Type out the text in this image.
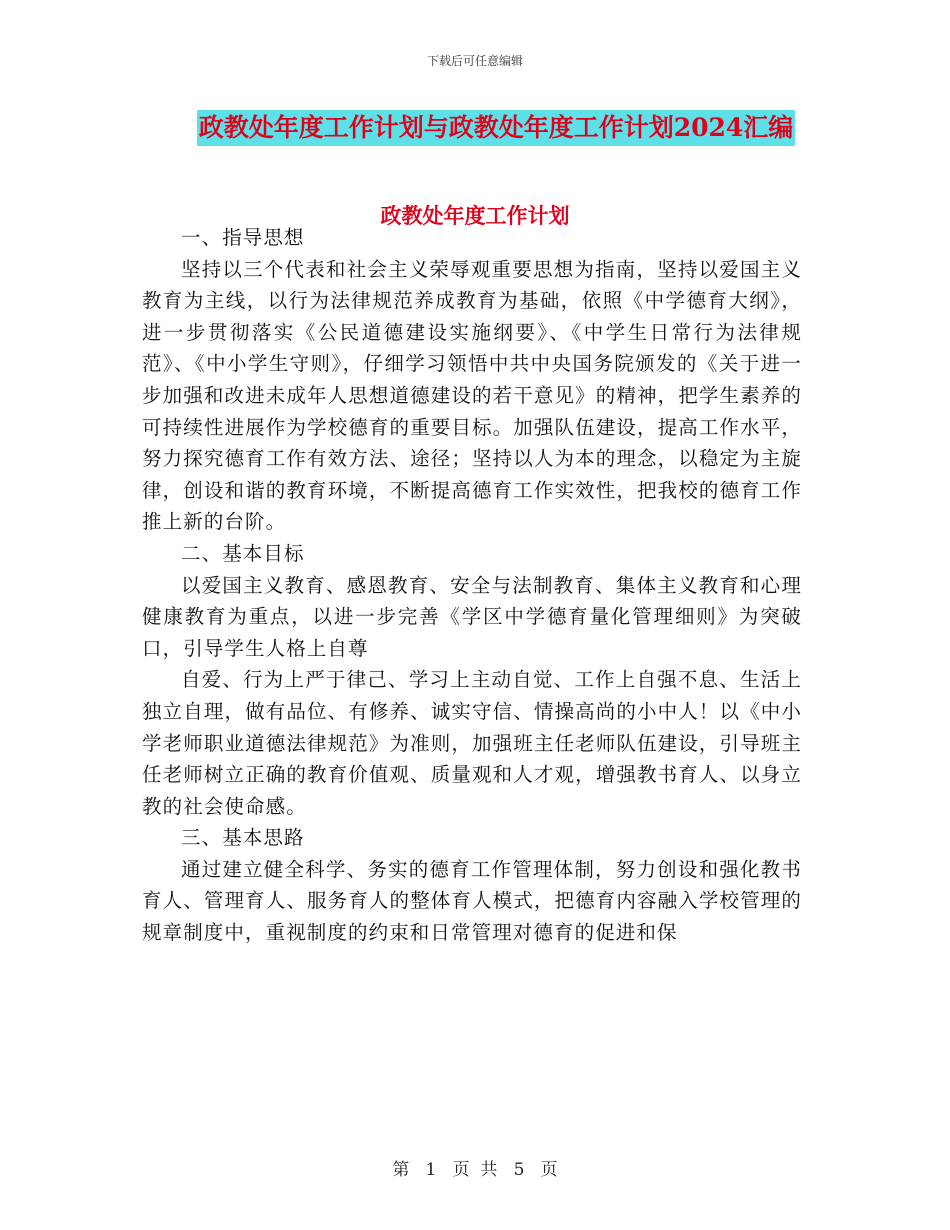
下载后可任意编辑
政教处年度工作计划与政教处年度工作计划2024汇编
政教处年度工作计划

一、指导思想

坚持以三个代表和社会主义荣辱观重要思想为指南，坚持以爱国主义教育为主线，以行为法律规范养成教育为基础，依照《中学德育大纲》，进一步贯彻落实《公民道德建设实施纲要》、《中学生日常行为法律规范》、《中小学生守则》，仔细学习领悟中共中央国务院颁发的《关于进一步加强和改进未成年人思想道德建设的若干意见》的精神，把学生素养的可持续性进展作为学校德育的重要目标。加强队伍建设，提高工作水平，努力探究德育工作有效方法、途径；坚持以人为本的理念，以稳定为主旋律，创设和谐的教育环境，不断提高德育工作实效性，把我校的德育工作推上新的台阶。

二、基本目标

以爱国主义教育、感恩教育、安全与法制教育、集体主义教育和心理健康教育为重点，以进一步完善《学区中学德育量化管理细则》为突破口，引导学生人格上自尊

自爱、行为上严于律己、学习上主动自觉、工作上自强不息、生活上独立自理，做有品位、有修养、诚实守信、情操高尚的小中人！以《中小学老师职业道德法律规范》为准则，加强班主任老师队伍建设，引导班主任老师树立正确的教育价值观、质量观和人才观，增强教书育人、以身立教的社会使命感。

三、基本思路

通过建立健全科学、务实的德育工作管理体制，努力创设和强化教书育人、管理育人、服务育人的整体育人模式，把德育内容融入学校管理的规章制度中，重视制度的约束和日常管理对德育的促进和保

第 1 页  共 5 页
